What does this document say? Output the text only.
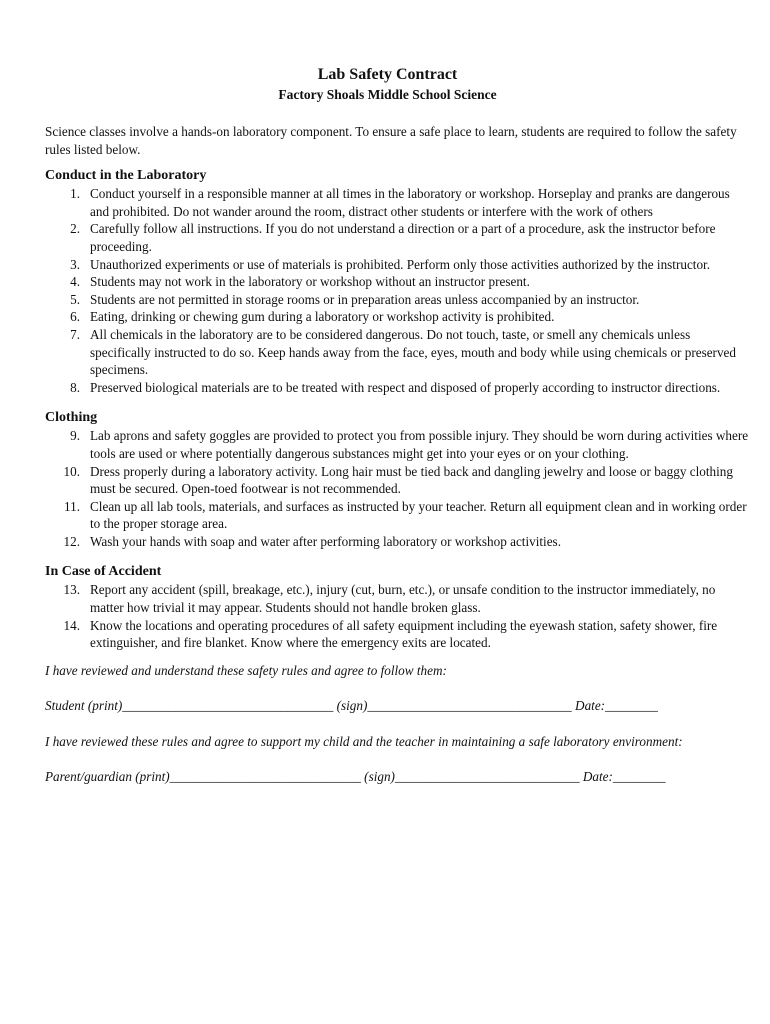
Lab Safety Contract
Factory Shoals Middle School Science

Science classes involve a hands-on laboratory component. To ensure a safe place to learn, students are required to follow the safety rules listed below.

Conduct in the Laboratory
1. Conduct yourself in a responsible manner at all times in the laboratory or workshop. Horseplay and pranks are dangerous and prohibited. Do not wander around the room, distract other students or interfere with the work of others
2. Carefully follow all instructions. If you do not understand a direction or a part of a procedure, ask the instructor before proceeding.
3. Unauthorized experiments or use of materials is prohibited. Perform only those activities authorized by the instructor.
4. Students may not work in the laboratory or workshop without an instructor present.
5. Students are not permitted in storage rooms or in preparation areas unless accompanied by an instructor.
6. Eating, drinking or chewing gum during a laboratory or workshop activity is prohibited.
7. All chemicals in the laboratory are to be considered dangerous. Do not touch, taste, or smell any chemicals unless specifically instructed to do so. Keep hands away from the face, eyes, mouth and body while using chemicals or preserved specimens.
8. Preserved biological materials are to be treated with respect and disposed of properly according to instructor directions.
Clothing
9. Lab aprons and safety goggles are provided to protect you from possible injury. They should be worn during activities where tools are used or where potentially dangerous substances might get into your eyes or on your clothing.
10. Dress properly during a laboratory activity. Long hair must be tied back and dangling jewelry and loose or baggy clothing must be secured. Open-toed footwear is not recommended.
11. Clean up all lab tools, materials, and surfaces as instructed by your teacher. Return all equipment clean and in working order to the proper storage area.
12. Wash your hands with soap and water after performing laboratory or workshop activities.
In Case of Accident
13. Report any accident (spill, breakage, etc.), injury (cut, burn, etc.), or unsafe condition to the instructor immediately, no matter how trivial it may appear. Students should not handle broken glass.
14. Know the locations and operating procedures of all safety equipment including the eyewash station, safety shower, fire extinguisher, and fire blanket. Know where the emergency exits are located.

I have reviewed and understand these safety rules and agree to follow them:

Student (print)________________________________ (sign)_______________________________ Date:________

I have reviewed these rules and agree to support my child and the teacher in maintaining a safe laboratory environment:

Parent/guardian (print)_____________________________ (sign)____________________________ Date:________
